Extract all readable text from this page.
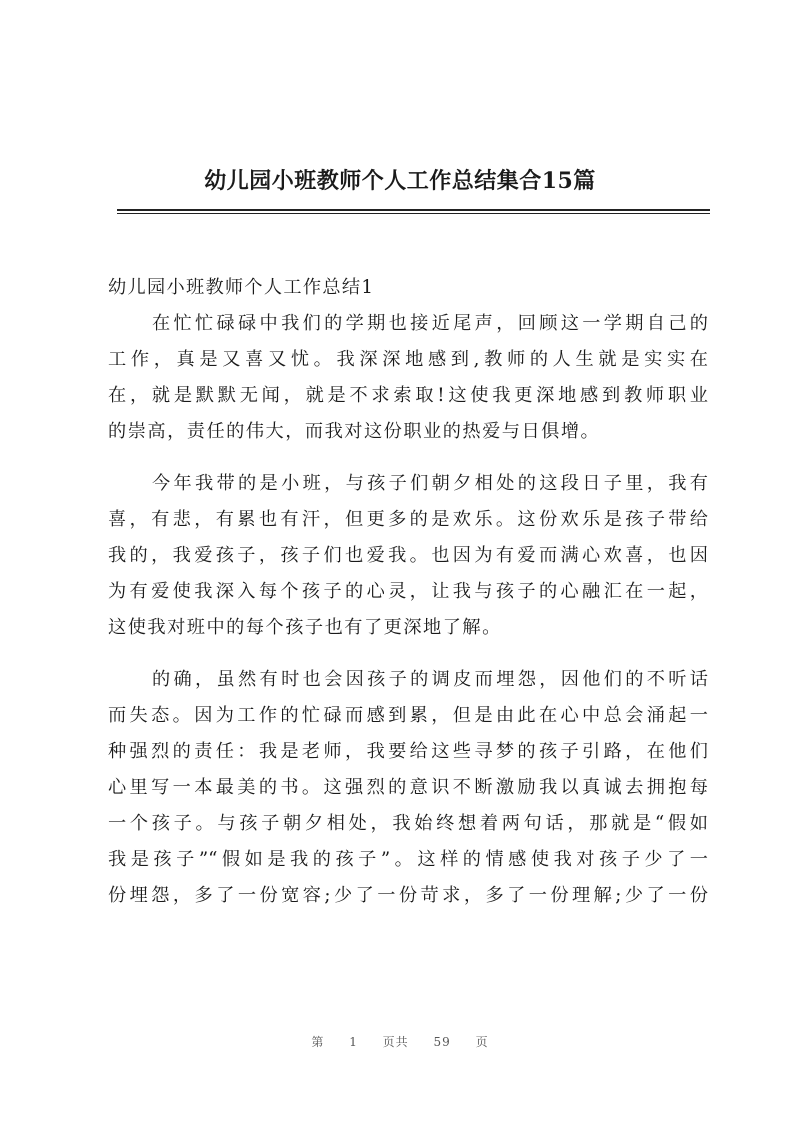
幼儿园小班教师个人工作总结集合15篇
幼儿园小班教师个人工作总结1
在忙忙碌碌中我们的学期也接近尾声，回顾这一学期自己的
工作，真是又喜又忧。我深深地感到,教师的人生就是实实在
在，就是默默无闻，就是不求索取!这使我更深地感到教师职业
的崇高，责任的伟大，而我对这份职业的热爱与日俱增。
今年我带的是小班，与孩子们朝夕相处的这段日子里，我有
喜，有悲，有累也有汗，但更多的是欢乐。这份欢乐是孩子带给
我的，我爱孩子，孩子们也爱我。也因为有爱而满心欢喜，也因
为有爱使我深入每个孩子的心灵，让我与孩子的心融汇在一起，
这使我对班中的每个孩子也有了更深地了解。
的确，虽然有时也会因孩子的调皮而埋怨，因他们的不听话
而失态。因为工作的忙碌而感到累，但是由此在心中总会涌起一
种强烈的责任：我是老师，我要给这些寻梦的孩子引路，在他们
心里写一本最美的书。这强烈的意识不断激励我以真诚去拥抱每
一个孩子。与孩子朝夕相处，我始终想着两句话，那就是“假如
我是孩子”“假如是我的孩子”。这样的情感使我对孩子少了一
份埋怨，多了一份宽容;少了一份苛求，多了一份理解;少了一份
第 1 页共 59 页
